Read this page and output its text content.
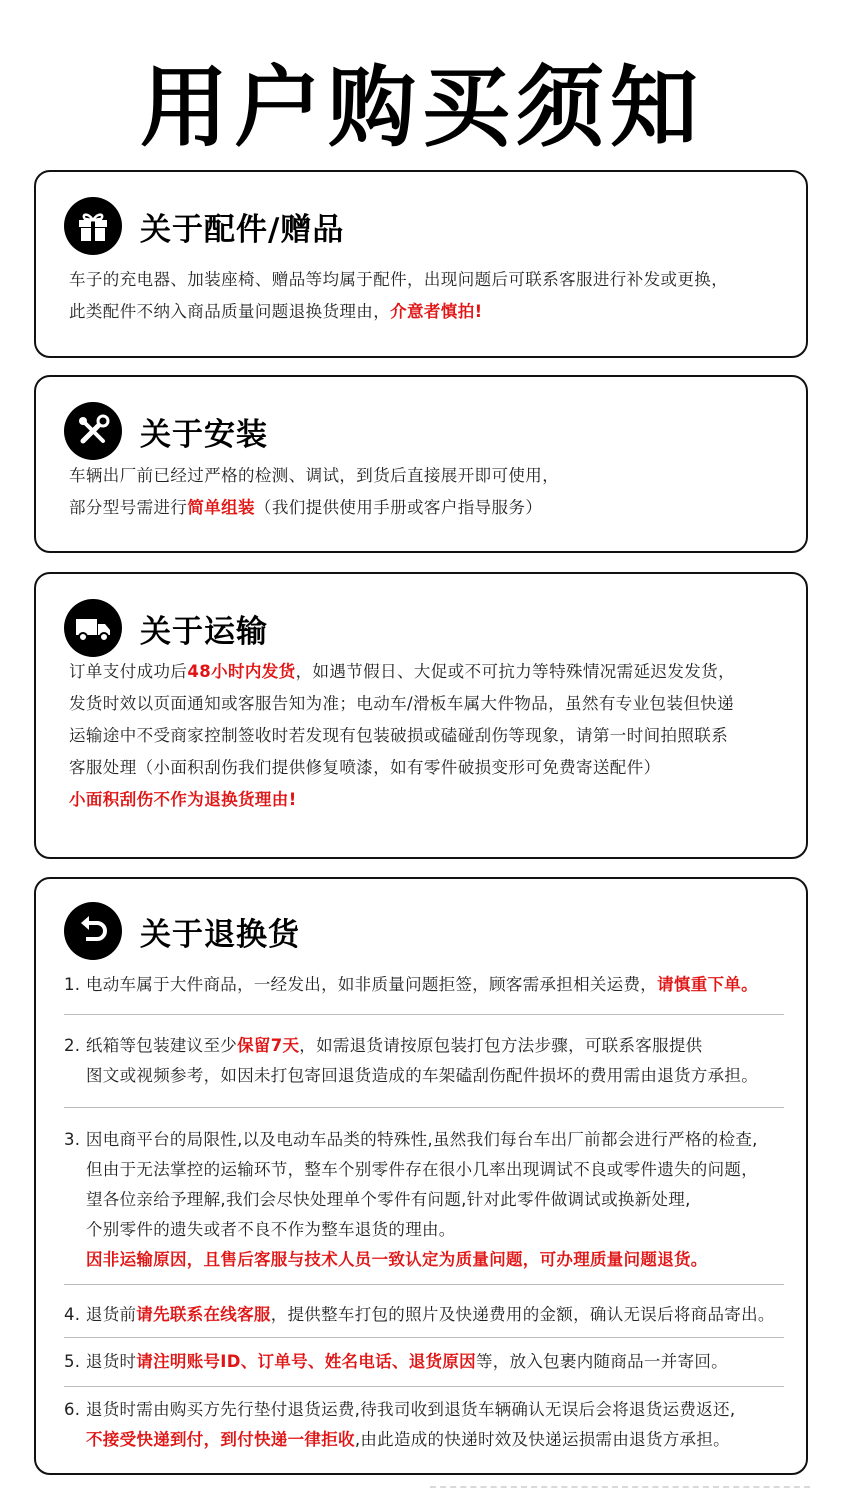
用户购买须知
关于配件/赠品
车子的充电器、加装座椅、赠品等均属于配件，出现问题后可联系客服进行补发或更换，
此类配件不纳入商品质量问题退换货理由，介意者慎拍!
关于安装
车辆出厂前已经过严格的检测、调试，到货后直接展开即可使用，
部分型号需进行简单组装（我们提供使用手册或客户指导服务）
关于运输
订单支付成功后48小时内发货，如遇节假日、大促或不可抗力等特殊情况需延迟发发货，
发货时效以页面通知或客服告知为准；电动车/滑板车属大件物品，虽然有专业包装但快递
运输途中不受商家控制签收时若发现有包装破损或磕碰刮伤等现象，请第一时间拍照联系
客服处理（小面积刮伤我们提供修复喷漆，如有零件破损变形可免费寄送配件）
小面积刮伤不作为退换货理由!
关于退换货
1. 电动车属于大件商品，一经发出，如非质量问题拒签，顾客需承担相关运费，请慎重下单。
2. 纸箱等包装建议至少保留7天，如需退货请按原包装打包方法步骤，可联系客服提供
图文或视频参考，如因未打包寄回退货造成的车架磕刮伤配件损坏的费用需由退货方承担。
3. 因电商平台的局限性,以及电动车品类的特殊性,虽然我们每台车出厂前都会进行严格的检查,
但由于无法掌控的运输环节，整车个别零件存在很小几率出现调试不良或零件遗失的问题，
望各位亲给予理解,我们会尽快处理单个零件有问题,针对此零件做调试或换新处理,
个别零件的遗失或者不良不作为整车退货的理由。
因非运输原因，且售后客服与技术人员一致认定为质量问题，可办理质量问题退货。
4. 退货前请先联系在线客服，提供整车打包的照片及快递费用的金额，确认无误后将商品寄出。
5. 退货时请注明账号ID、订单号、姓名电话、退货原因等，放入包裹内随商品一并寄回。
6. 退货时需由购买方先行垫付退货运费,待我司收到退货车辆确认无误后会将退货运费返还,
不接受快递到付，到付快递一律拒收,由此造成的快递时效及快递运损需由退货方承担。
